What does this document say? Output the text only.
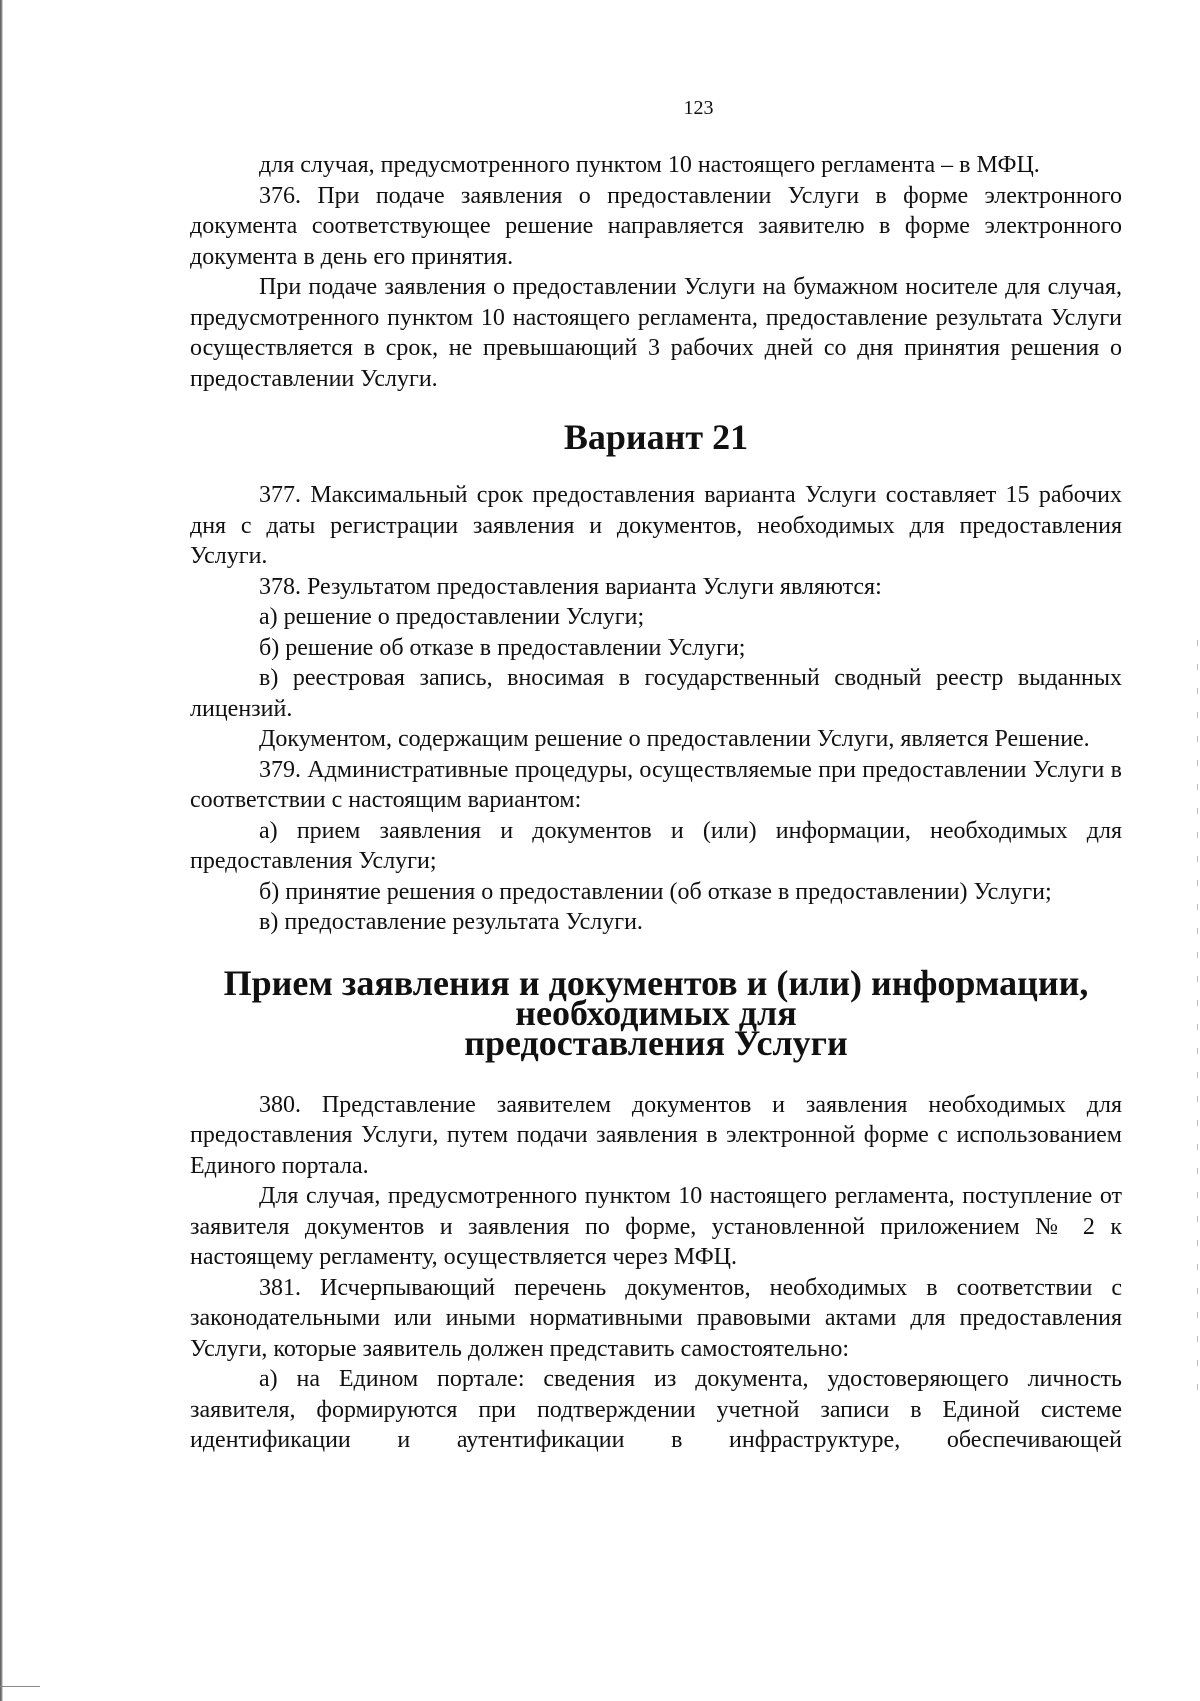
123

для случая, предусмотренного пунктом 10 настоящего регламента – в МФЦ.

376. При подаче заявления о предоставлении Услуги в форме электронного документа соответствующее решение направляется заявителю в форме электронного документа в день его принятия.

При подаче заявления о предоставлении Услуги на бумажном носителе для случая, предусмотренного пунктом 10 настоящего регламента, предоставление результата Услуги осуществляется в срок, не превышающий 3 рабочих дней со дня принятия решения о предоставлении Услуги.

Вариант 21

377. Максимальный срок предоставления варианта Услуги составляет 15 рабочих дня с даты регистрации заявления и документов, необходимых для предоставления Услуги.

378. Результатом предоставления варианта Услуги являются:

а) решение о предоставлении Услуги;

б) решение об отказе в предоставлении Услуги;

в) реестровая запись, вносимая в государственный сводный реестр выданных лицензий.

Документом, содержащим решение о предоставлении Услуги, является Решение.

379. Административные процедуры, осуществляемые при предоставлении Услуги в соответствии с настоящим вариантом:

а) прием заявления и документов и (или) информации, необходимых для предоставления Услуги;

б) принятие решения о предоставлении (об отказе в предоставлении) Услуги;

в) предоставление результата Услуги.

Прием заявления и документов и (или) информации, необходимых для
предоставления Услуги

380. Представление заявителем документов и заявления необходимых для предоставления Услуги, путем подачи заявления в электронной форме с использованием Единого портала.

Для случая, предусмотренного пунктом 10 настоящего регламента, поступление от заявителя документов и заявления по форме, установленной приложением № 2 к настоящему регламенту, осуществляется через МФЦ.

381. Исчерпывающий перечень документов, необходимых в соответствии с законодательными или иными нормативными правовыми актами для предоставления Услуги, которые заявитель должен представить самостоятельно:

а) на Едином портале: сведения из документа, удостоверяющего личность заявителя, формируются при подтверждении учетной записи в Единой системе идентификации и аутентификации в инфраструктуре, обеспечивающей
